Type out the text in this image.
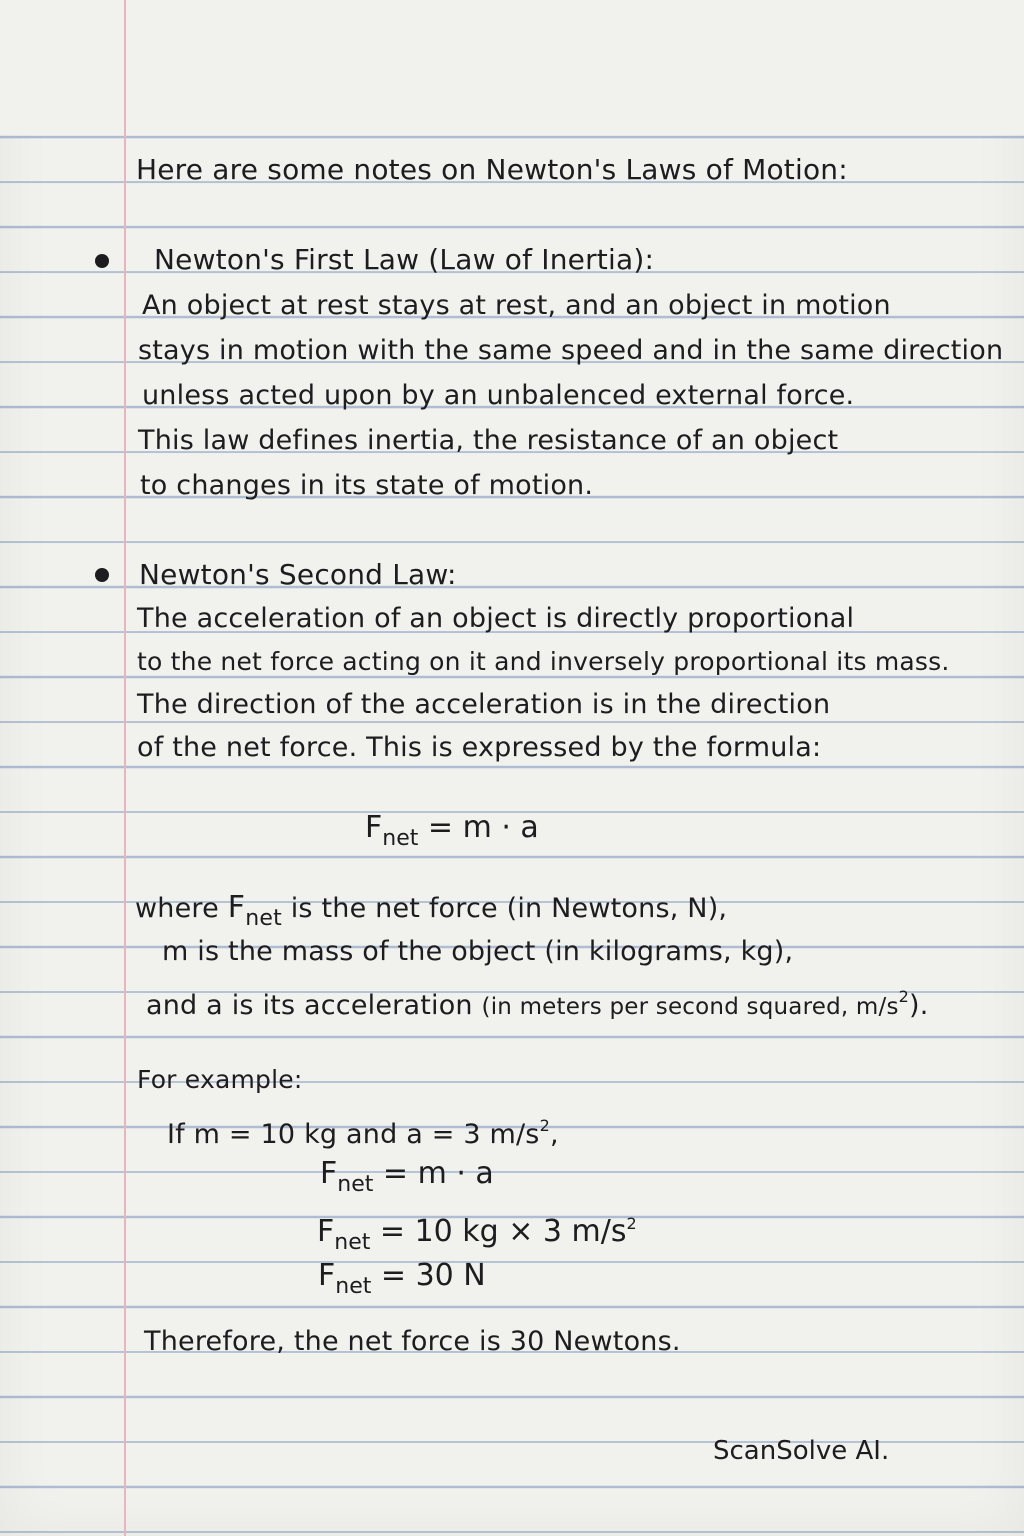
Here are some notes on Newton's Laws of Motion:
Newton's First Law (Law of Inertia):
An object at rest stays at rest, and an object in motion
stays in motion with the same speed and in the same direction
unless acted upon by an unbalenced external force.
This law defines inertia, the resistance of an object
to changes in its state of motion.
Newton's Second Law:
The acceleration of an object is directly proportional
to the net force acting on it and inversely proportional its mass.
The direction of the acceleration is in the direction
of the net force. This is expressed by the formula:
$F_{net} = m \cdot a$
where $F_{net}$ is the net force (in Newtons, N),
m is the mass of the object (in kilograms, kg),
and a is its acceleration (in meters per second squared, $m/s^2$).
For example:
If m = 10 kg and a = 3 $m/s^2$,
$F_{net} = m \cdot a$
$F_{net} = 10$ kg × 3 $m/s^2$
$F_{net} = 30$ N
Therefore, the net force is 30 Newtons.
ScanSolve AI.
